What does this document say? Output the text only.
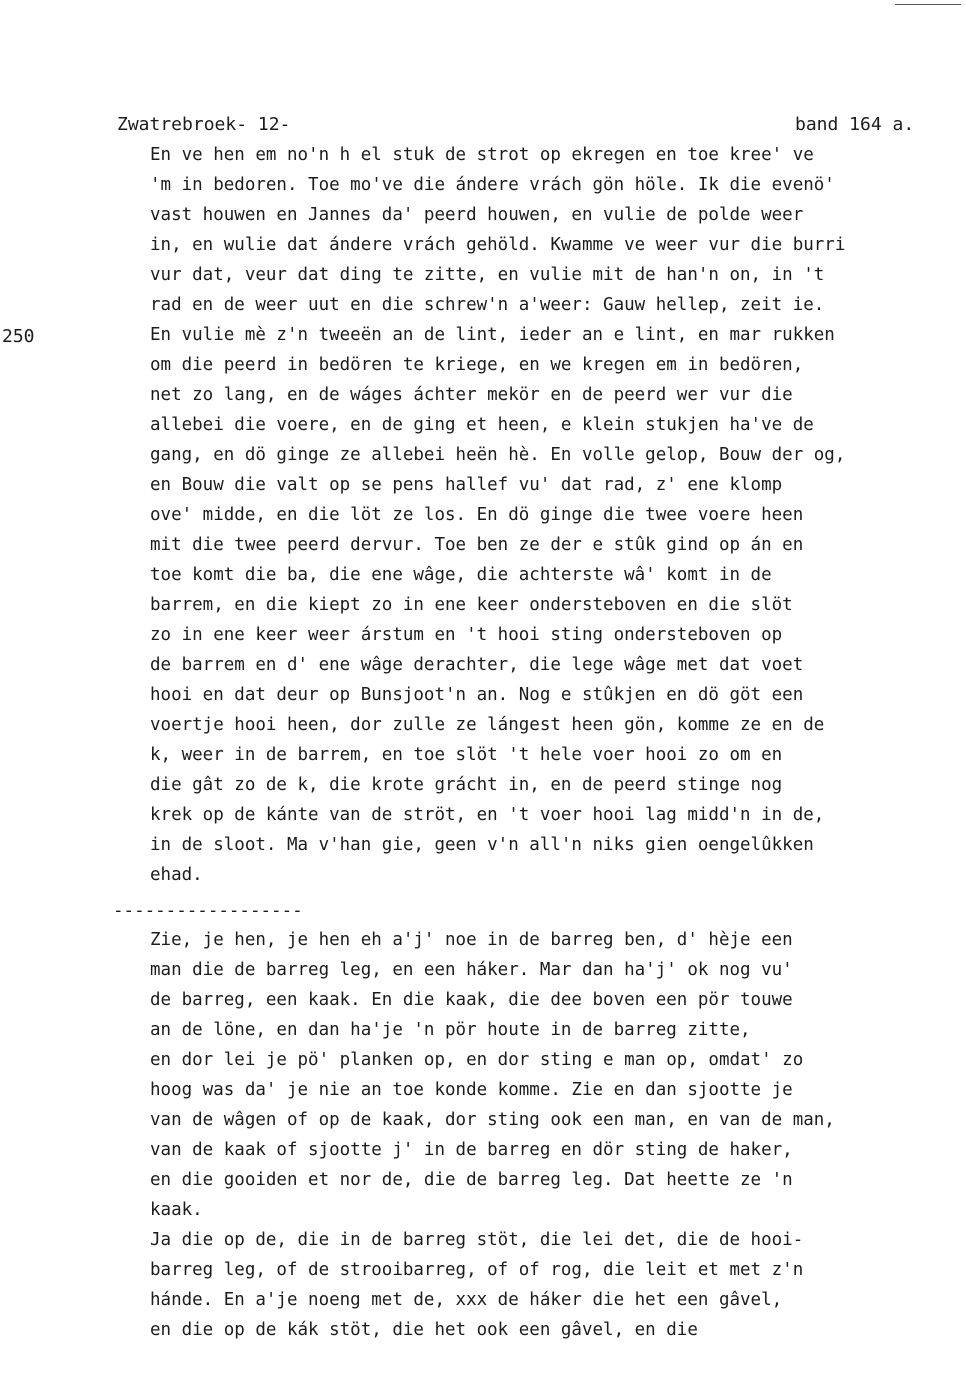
Zwatrebroek- 12-	band 164 a.
250
En ve hen em no'n h el stuk de strot op ekregen en toe kree' ve
'm in bedoren. Toe mo've die ándere vrách gön höle. Ik die evenö'
vast houwen en Jannes da' peerd houwen, en vulie de polde weer
in, en wulie dat ándere vrách gehöld. Kwamme ve weer vur die burri
vur dat, veur dat ding te zitte, en vulie mit de han'n on, in 't
rad en de weer uut en die schrew'n a'weer: Gauw hellep, zeit ie.
En vulie mè z'n tweeën an de lint, ieder an e lint, en mar rukken
om die peerd in bedören te kriege, en we kregen em in bedören,
net zo lang, en de wáges áchter mekör en de peerd wer vur die
allebei die voere, en de ging et heen, e klein stukjen ha've de
gang, en dö ginge ze allebei heën hè. En volle gelop, Bouw der og,
en Bouw die valt op se pens hallef vu' dat rad, z' ene klomp
ove' midde, en die löt ze los. En dö ginge die twee voere heen
mit die twee peerd dervur. Toe ben ze der e stûk gind op án en
toe komt die ba, die ene wâge, die achterste wâ' komt in de
barrem, en die kiept zo in ene keer ondersteboven en die slöt
zo in ene keer weer árstum en 't hooi sting ondersteboven op
de barrem en d' ene wâge derachter, die lege wâge met dat voet
hooi en dat deur op Bunsjoot'n an. Nog e stûkjen en dö göt een
voertje hooi heen, dor zulle ze lángest heen gön, komme ze en de
k, weer in de barrem, en toe slöt 't hele voer hooi zo om en
die gât zo de k, die krote grácht in, en de peerd stinge nog
krek op de kánte van de ströt, en 't voer hooi lag midd'n in de,
in de sloot. Ma v'han gie, geen v'n all'n niks gien oengelûkken
ehad.
------------------
Zie, je hen, je hen eh a'j' noe in de barreg ben, d' hèje een
man die de barreg leg, en een háker. Mar dan ha'j' ok nog vu'
de barreg, een kaak. En die kaak, die dee boven een pör touwe
an de löne, en dan ha'je 'n pör houte in de barreg zitte,
en dor lei je pö' planken op, en dor sting e man op, omdat' zo
hoog was da' je nie an toe konde komme. Zie en dan sjootte je
van de wâgen of op de kaak, dor sting ook een man, en van de man,
van de kaak of sjootte j' in de barreg en dör sting de haker,
en die gooiden et nor de, die de barreg leg. Dat heette ze 'n
kaak.
Ja die op de, die in de barreg stöt, die lei det, die de hooi-
barreg leg, of de strooibarreg, of of rog, die leit et met z'n
hánde. En a'je noeng met de, xxx de háker die het een gâvel,
en die op de kák stöt, die het ook een gâvel, en die
